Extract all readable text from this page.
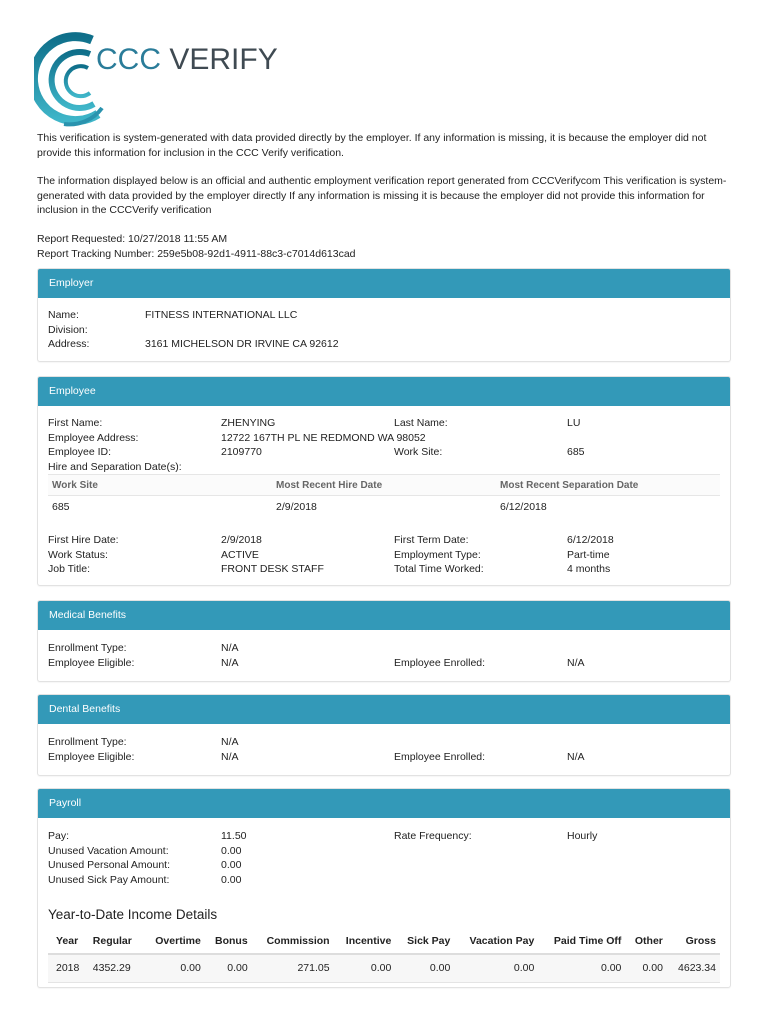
CCC VERIFY
This verification is system-generated with data provided directly by the employer. If any information is missing, it is because the employer did not provide this information for inclusion in the CCC Verify verification.
The information displayed below is an official and authentic employment verification report generated from CCCVerifycom This verification is system-generated with data provided by the employer directly If any information is missing it is because the employer did not provide this information for inclusion in the CCCVerify verification
Report Requested: 10/27/2018 11:55 AM
Report Tracking Number: 259e5b08-92d1-4911-88c3-c7014d613cad
Employer
Name:	FITNESS INTERNATIONAL LLC
Division:
Address:	3161 MICHELSON DR IRVINE CA 92612
Employee
First Name:	ZHENYING	Last Name:	LU
Employee Address:	12722 167TH PL NE REDMOND WA 98052
Employee ID:	2109770	Work Site:	685
Hire and Separation Date(s):
Work Site	Most Recent Hire Date	Most Recent Separation Date
685	2/9/2018	6/12/2018
First Hire Date:	2/9/2018	First Term Date:	6/12/2018
Work Status:	ACTIVE	Employment Type:	Part-time
Job Title:	FRONT DESK STAFF	Total Time Worked:	4 months
Medical Benefits
Enrollment Type:	N/A
Employee Eligible:	N/A	Employee Enrolled:	N/A
Dental Benefits
Enrollment Type:	N/A
Employee Eligible:	N/A	Employee Enrolled:	N/A
Payroll
Pay:	11.50	Rate Frequency:	Hourly
Unused Vacation Amount:	0.00
Unused Personal Amount:	0.00
Unused Sick Pay Amount:	0.00
Year-to-Date Income Details
Year	Regular	Overtime	Bonus	Commission	Incentive	Sick Pay	Vacation Pay	Paid Time Off	Other	Gross
2018	4352.29	0.00	0.00	271.05	0.00	0.00	0.00	0.00	0.00	4623.34
